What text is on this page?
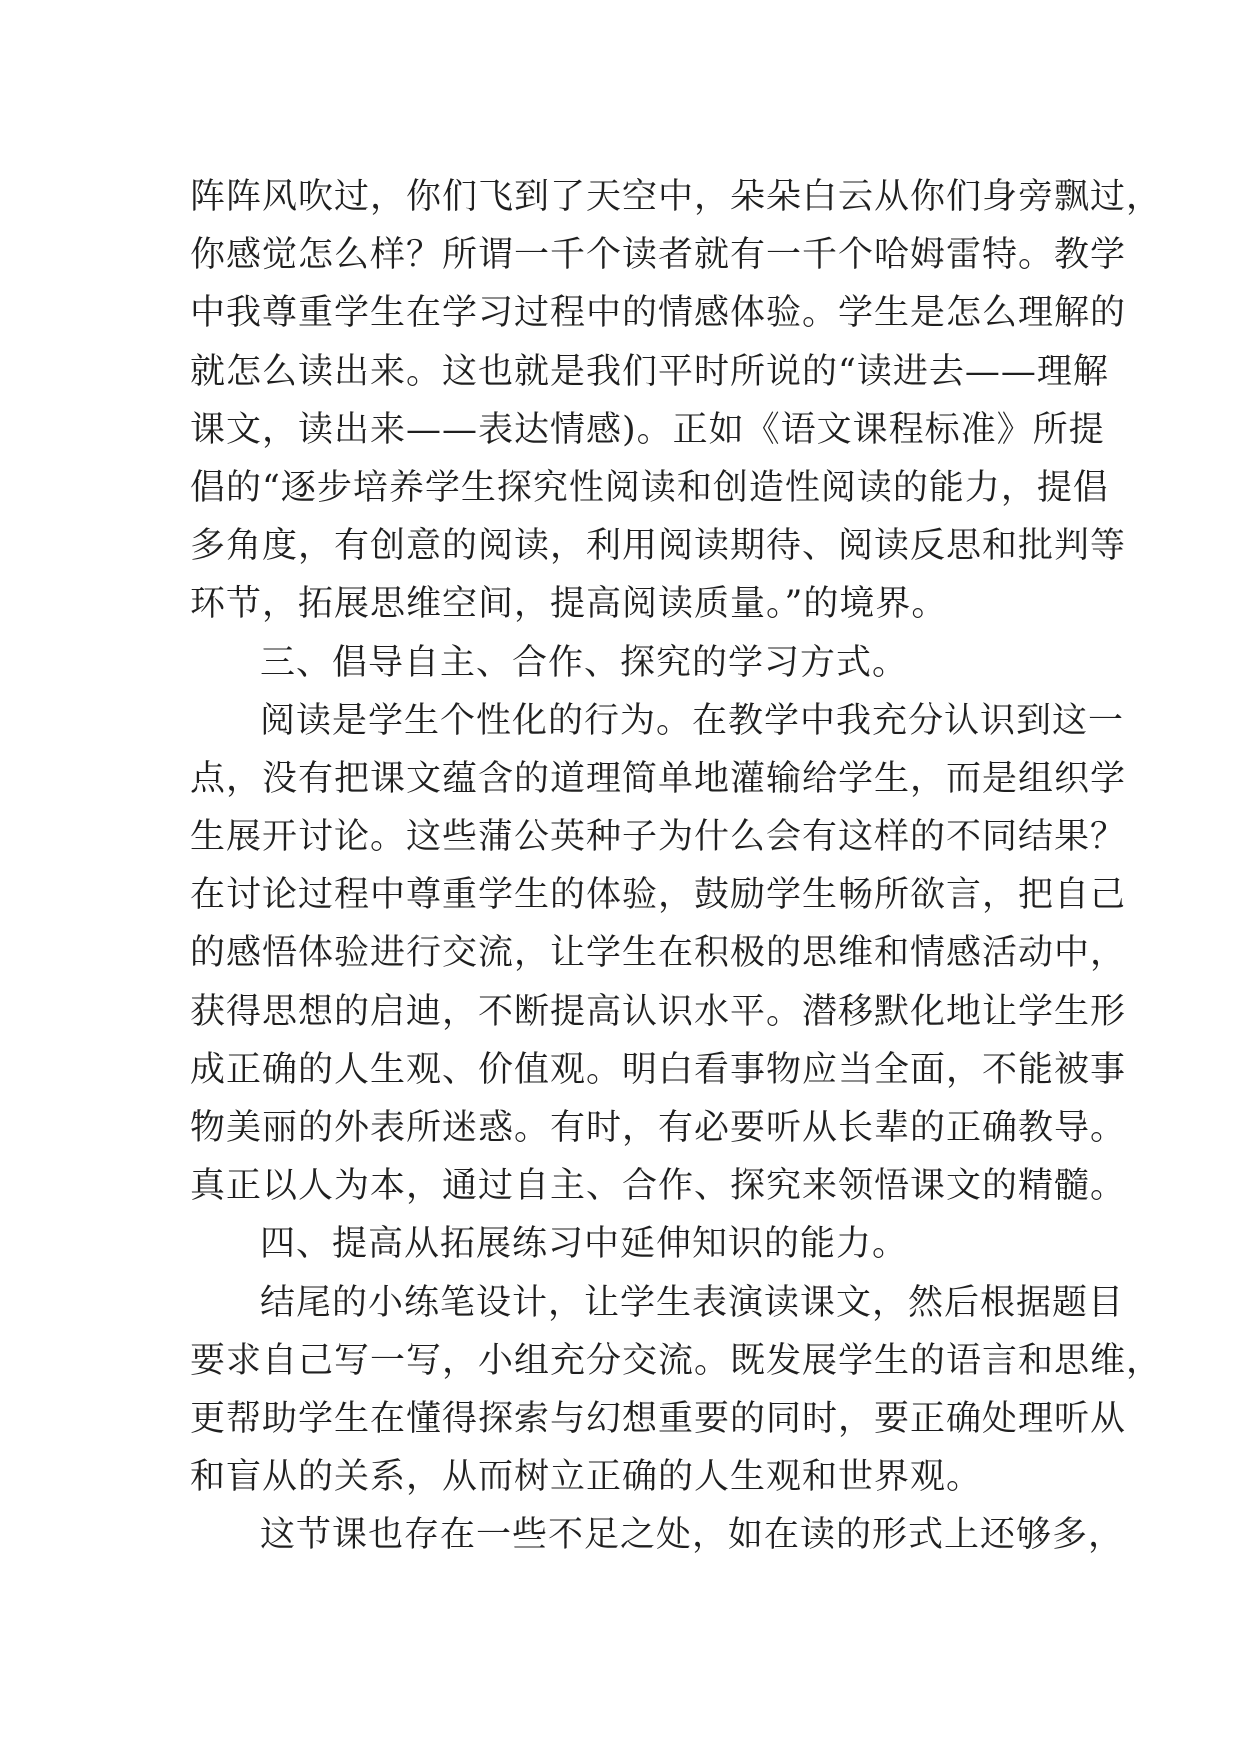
阵阵风吹过，你们飞到了天空中，朵朵白云从你们身旁飘过，
你感觉怎么样？所谓一千个读者就有一千个哈姆雷特。教学
中我尊重学生在学习过程中的情感体验。学生是怎么理解的
就怎么读出来。这也就是我们平时所说的“读进去——理解
课文，读出来——表达情感)。正如《语文课程标准》所提
倡的“逐步培养学生探究性阅读和创造性阅读的能力，提倡
多角度，有创意的阅读，利用阅读期待、阅读反思和批判等
环节，拓展思维空间，提高阅读质量。”的境界。
三、倡导自主、合作、探究的学习方式。
阅读是学生个性化的行为。在教学中我充分认识到这一
点，没有把课文蕴含的道理简单地灌输给学生，而是组织学
生展开讨论。这些蒲公英种子为什么会有这样的不同结果？
在讨论过程中尊重学生的体验，鼓励学生畅所欲言，把自己
的感悟体验进行交流，让学生在积极的思维和情感活动中，
获得思想的启迪，不断提高认识水平。潜移默化地让学生形
成正确的人生观、价值观。明白看事物应当全面，不能被事
物美丽的外表所迷惑。有时，有必要听从长辈的正确教导。
真正以人为本，通过自主、合作、探究来领悟课文的精髓。
四、提高从拓展练习中延伸知识的能力。
结尾的小练笔设计，让学生表演读课文，然后根据题目
要求自己写一写，小组充分交流。既发展学生的语言和思维，
更帮助学生在懂得探索与幻想重要的同时，要正确处理听从
和盲从的关系，从而树立正确的人生观和世界观。
这节课也存在一些不足之处，如在读的形式上还够多，
